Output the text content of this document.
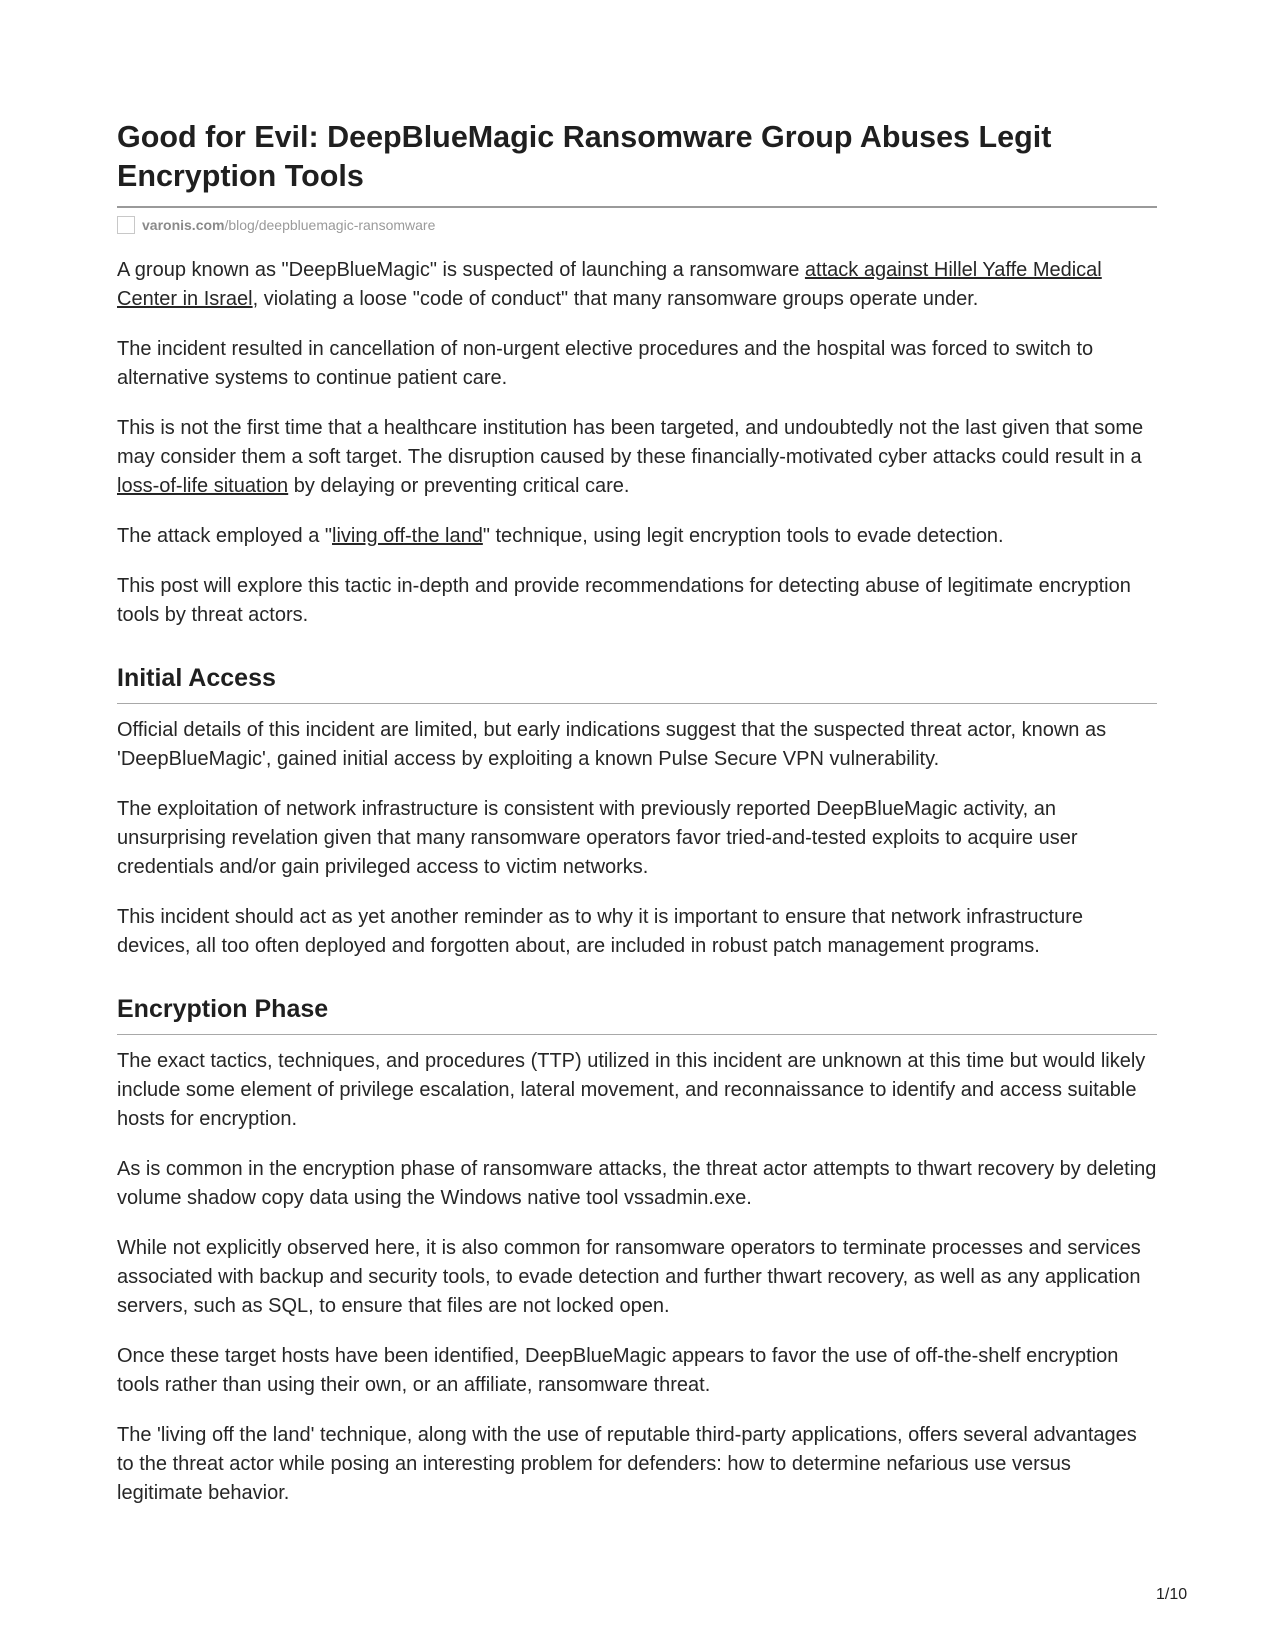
Good for Evil: DeepBlueMagic Ransomware Group Abuses Legit Encryption Tools
varonis.com /blog/deepbluemagic-ransomware

A group known as "DeepBlueMagic" is suspected of launching a ransomware attack against Hillel Yaffe Medical Center in Israel, violating a loose "code of conduct" that many ransomware groups operate under.

The incident resulted in cancellation of non-urgent elective procedures and the hospital was forced to switch to alternative systems to continue patient care.

This is not the first time that a healthcare institution has been targeted, and undoubtedly not the last given that some may consider them a soft target. The disruption caused by these financially-motivated cyber attacks could result in a loss-of-life situation by delaying or preventing critical care.

The attack employed a "living off-the land" technique, using legit encryption tools to evade detection.

This post will explore this tactic in-depth and provide recommendations for detecting abuse of legitimate encryption tools by threat actors.

Initial Access

Official details of this incident are limited, but early indications suggest that the suspected threat actor, known as 'DeepBlueMagic', gained initial access by exploiting a known Pulse Secure VPN vulnerability.

The exploitation of network infrastructure is consistent with previously reported DeepBlueMagic activity, an unsurprising revelation given that many ransomware operators favor tried-and-tested exploits to acquire user credentials and/or gain privileged access to victim networks.

This incident should act as yet another reminder as to why it is important to ensure that network infrastructure devices, all too often deployed and forgotten about, are included in robust patch management programs.

Encryption Phase

The exact tactics, techniques, and procedures (TTP) utilized in this incident are unknown at this time but would likely include some element of privilege escalation, lateral movement, and reconnaissance to identify and access suitable hosts for encryption.

As is common in the encryption phase of ransomware attacks, the threat actor attempts to thwart recovery by deleting volume shadow copy data using the Windows native tool vssadmin.exe.

While not explicitly observed here, it is also common for ransomware operators to terminate processes and services associated with backup and security tools, to evade detection and further thwart recovery, as well as any application servers, such as SQL, to ensure that files are not locked open.

Once these target hosts have been identified, DeepBlueMagic appears to favor the use of off-the-shelf encryption tools rather than using their own, or an affiliate, ransomware threat.

The 'living off the land' technique, along with the use of reputable third-party applications, offers several advantages to the threat actor while posing an interesting problem for defenders: how to determine nefarious use versus legitimate behavior.

1/10
